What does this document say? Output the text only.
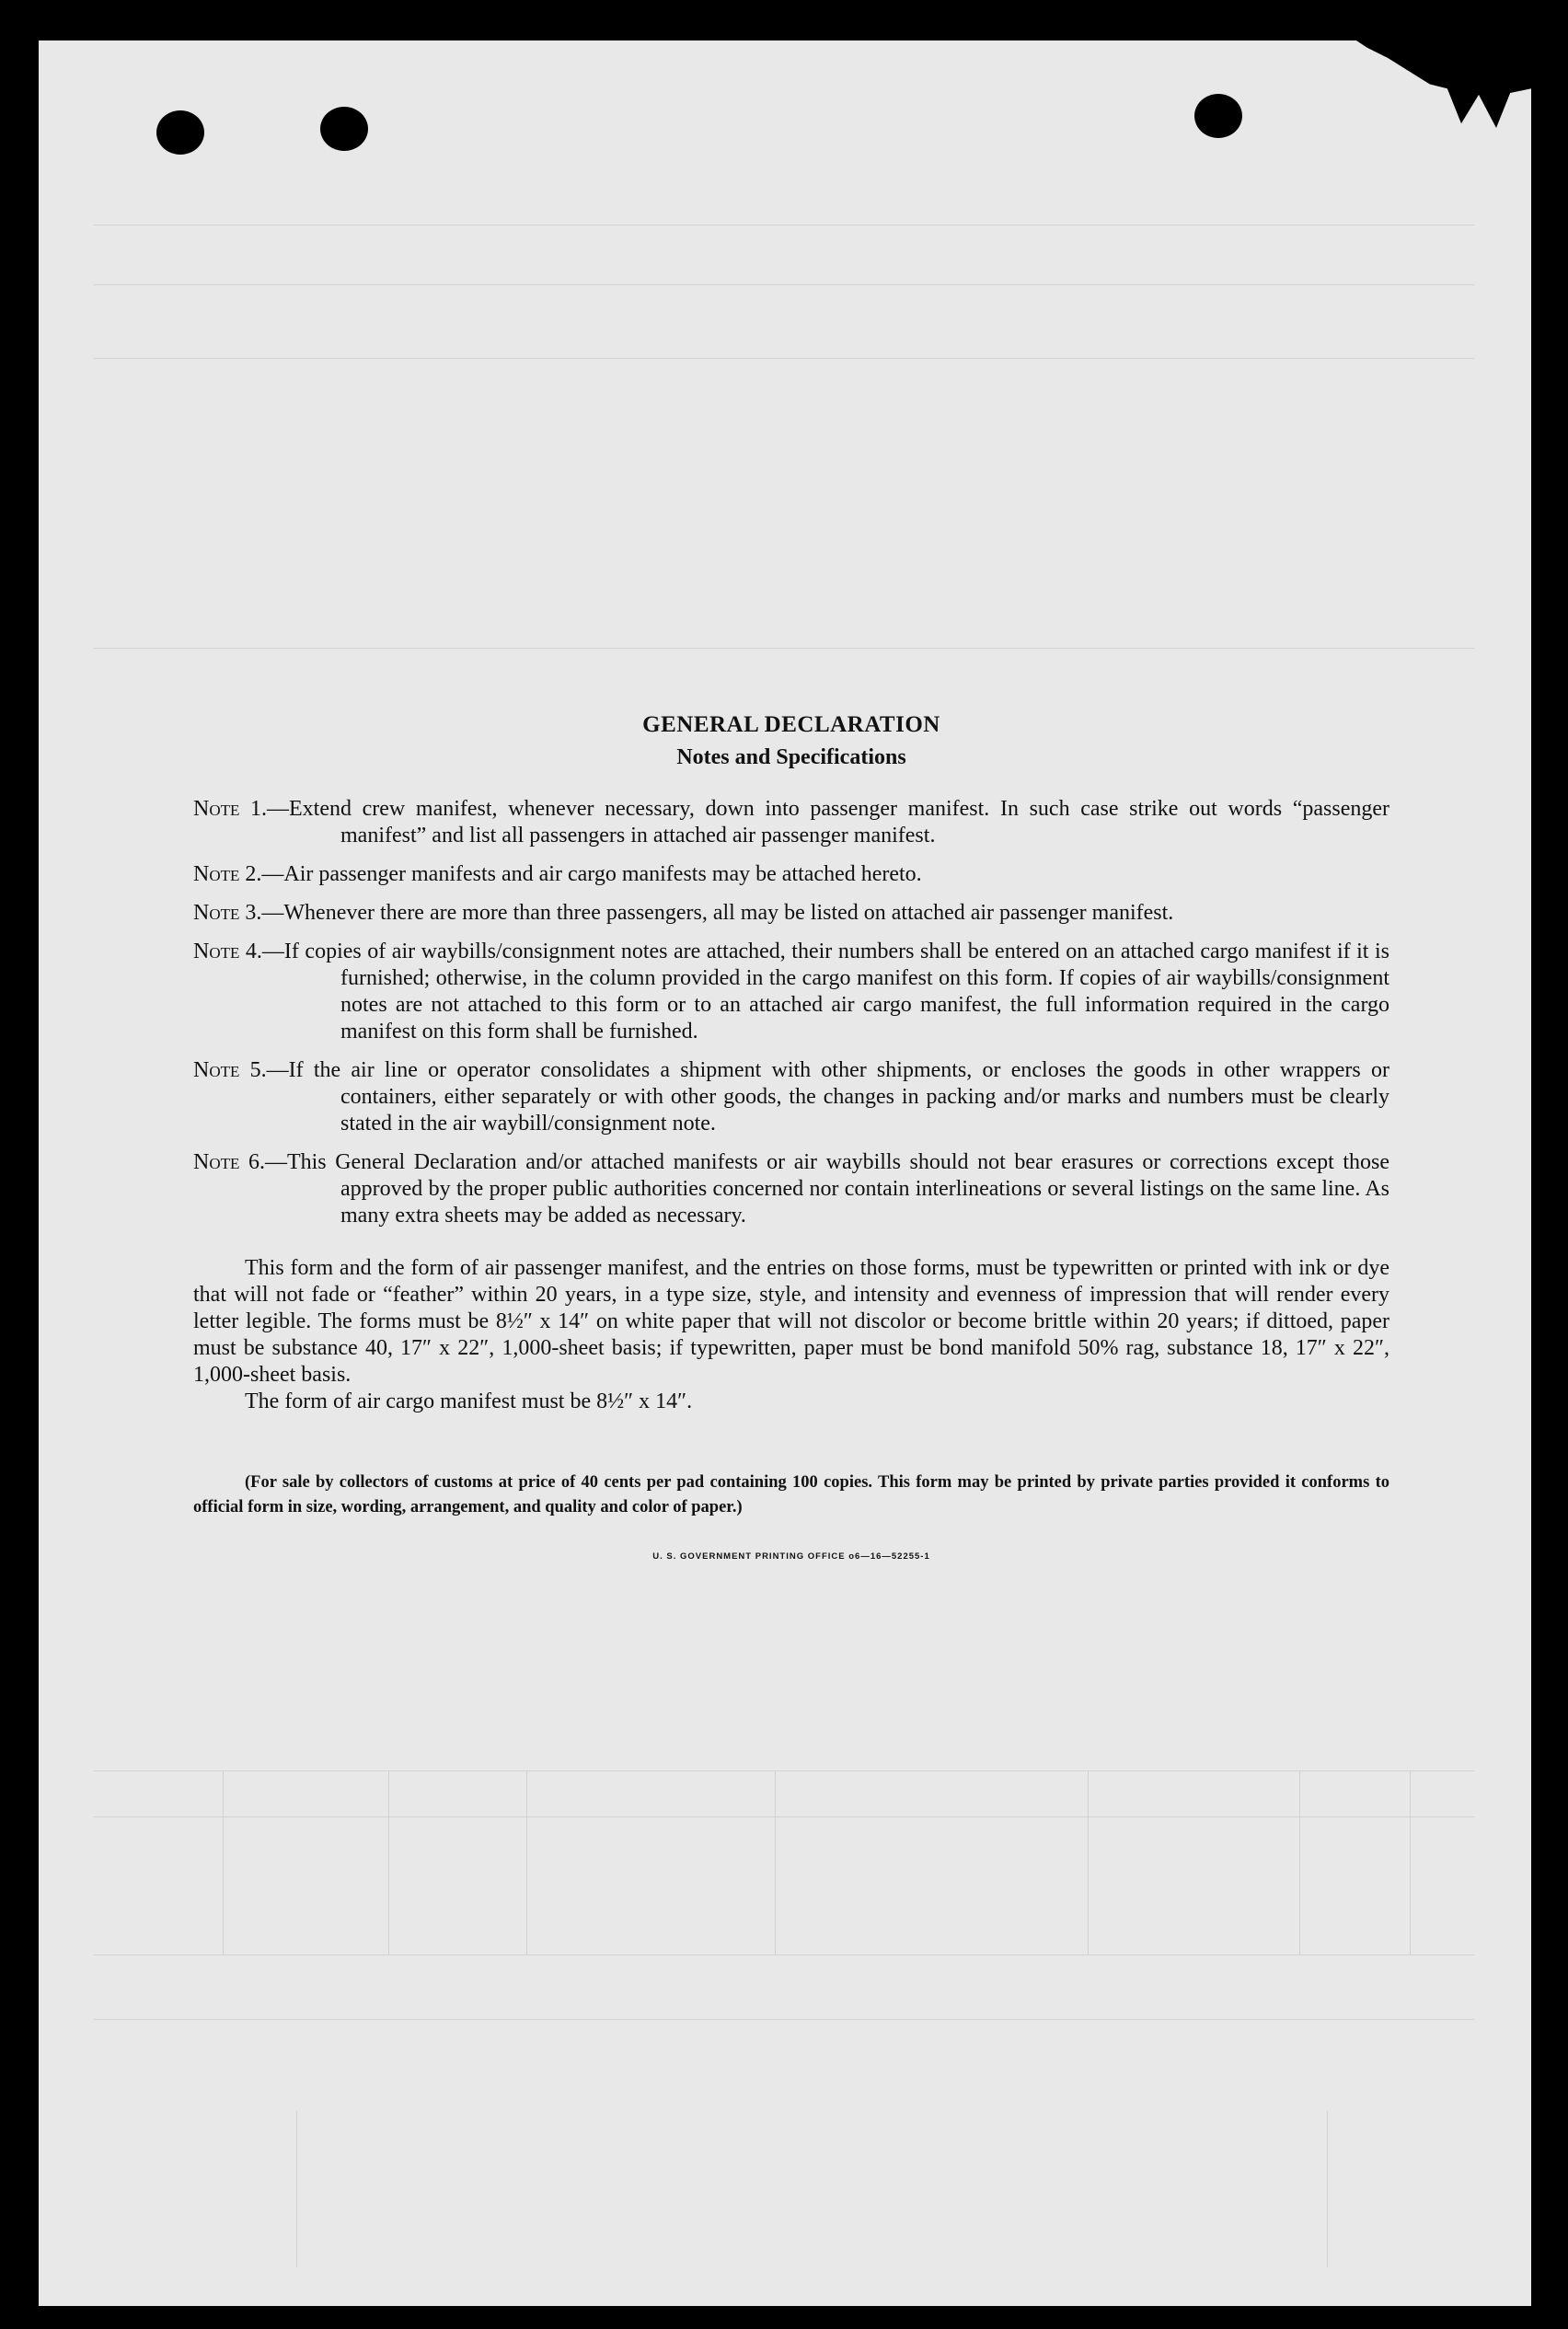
GENERAL DECLARATION
Notes and Specifications
Note 1.—Extend crew manifest, whenever necessary, down into passenger manifest. In such case strike out words “passenger manifest” and list all passengers in attached air passenger manifest.
Note 2.—Air passenger manifests and air cargo manifests may be attached hereto.
Note 3.—Whenever there are more than three passengers, all may be listed on attached air passenger manifest.
Note 4.—If copies of air waybills/consignment notes are attached, their numbers shall be entered on an attached cargo manifest if it is furnished; otherwise, in the column provided in the cargo manifest on this form. If copies of air waybills/consignment notes are not attached to this form or to an attached air cargo manifest, the full information required in the cargo manifest on this form shall be furnished.
Note 5.—If the air line or operator consolidates a shipment with other shipments, or encloses the goods in other wrappers or containers, either separately or with other goods, the changes in packing and/or marks and numbers must be clearly stated in the air waybill/consignment note.
Note 6.—This General Declaration and/or attached manifests or air waybills should not bear erasures or corrections except those approved by the proper public authorities concerned nor contain interlineations or several listings on the same line. As many extra sheets may be added as necessary.
This form and the form of air passenger manifest, and the entries on those forms, must be typewritten or printed with ink or dye that will not fade or “feather” within 20 years, in a type size, style, and intensity and evenness of impression that will render every letter legible. The forms must be 8½″ x 14″ on white paper that will not discolor or become brittle within 20 years; if dittoed, paper must be substance 40, 17″ x 22″, 1,000-sheet basis; if typewritten, paper must be bond manifold 50% rag, substance 18, 17″ x 22″, 1,000-sheet basis.
The form of air cargo manifest must be 8½″ x 14″.
(For sale by collectors of customs at price of 40 cents per pad containing 100 copies. This form may be printed by private parties provided it conforms to official form in size, wording, arrangement, and quality and color of paper.)
U. S. GOVERNMENT PRINTING OFFICE o6—16—52255-1
